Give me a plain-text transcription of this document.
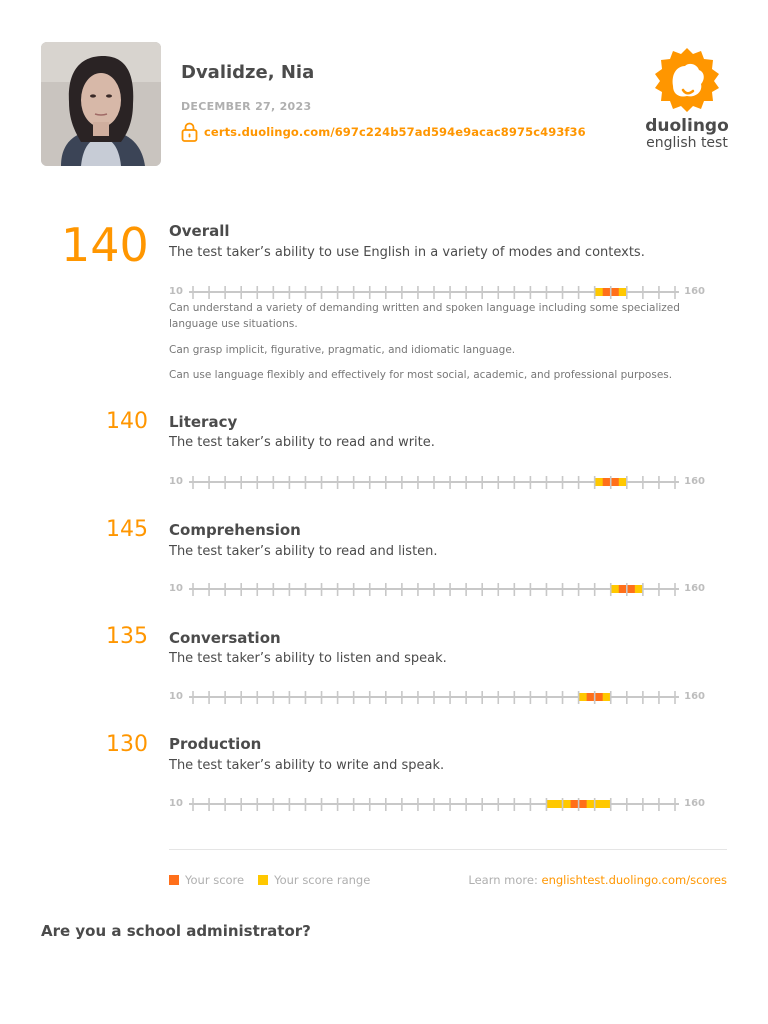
Dvalidze, Nia
DECEMBER 27, 2023
certs.duolingo.com/697c224b57ad594e9acac8975c493f36	duolingo
english test
140 Overall
The test taker’s ability to use English in a variety of modes and contexts.
10	160

Can understand a variety of demanding written and spoken language including some specialized language use situations.

Can grasp implicit, figurative, pragmatic, and idiomatic language.

Can use language flexibly and effectively for most social, academic, and professional purposes.

140 Literacy
The test taker’s ability to read and write.
10	160
145 Comprehension
The test taker’s ability to read and listen.
10	160
135 Conversation
The test taker’s ability to listen and speak.
10	160
130 Production
The test taker’s ability to write and speak.
10	160
Your score	Your score range	Learn more: englishtest.duolingo.com/scores
Are you a school administrator?
